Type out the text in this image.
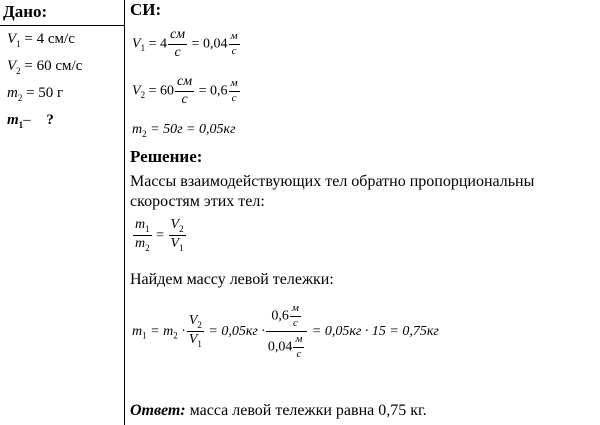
Дано:
$V_1 = 4$ см/с
$V_2 = 60$ см/с
$m_2 = 50$ г
$m_1-$ ?
СИ:
$V_1 = 4 \frac{см}{с} = 0,04 \frac{м}{с}$
$V_2 = 60 \frac{см}{с} = 0,6 \frac{м}{с}$
$m_2 = 50г = 0,05кг$
Решение:
Массы взаимодействующих тел обратно пропорциональны
скоростям этих тел:
$\frac{m_1}{m_2} = \frac{V_2}{V_1}$
Найдем массу левой тележки:
$m_1 = m_2 \cdot \frac{V_2}{V_1} = 0,05кг \cdot \frac{0,6 \frac{м}{с}}{0,04 \frac{м}{с}} = 0,05кг \cdot 15 = 0,75кг$
Ответ: масса левой тележки равна 0,75 кг.
